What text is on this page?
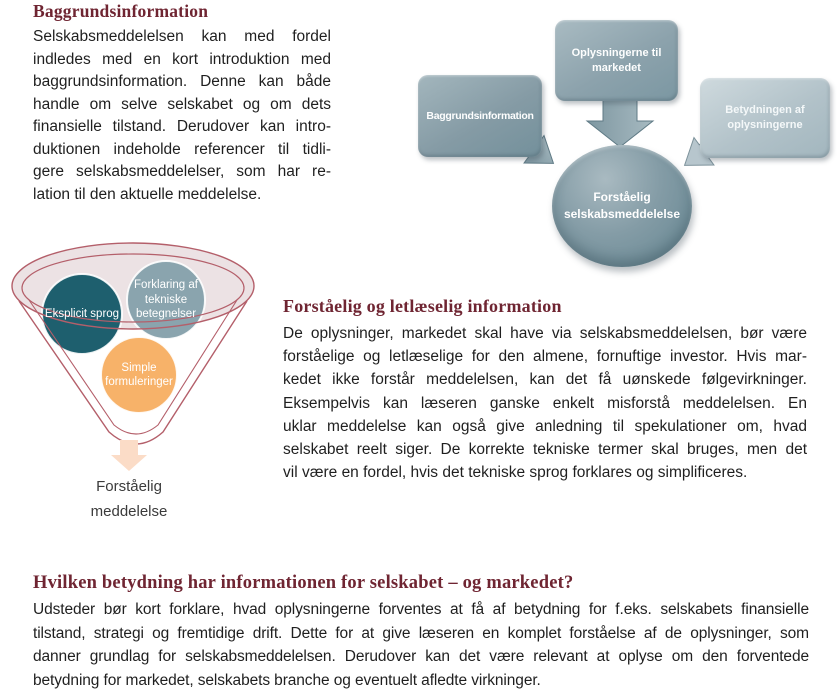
Baggrundsinformation
Selskabsmeddelelsen kan med fordel
indledes med en kort introduktion med
baggrundsinformation. Denne kan både
handle om selve selskabet og om dets
finansielle tilstand. Derudover kan intro-
duktionen indeholde referencer til tidli-
gere selskabsmeddelelser, som har re-
lation til den aktuelle meddelelse.
Baggrundsinformation
Oplysningerne til markedet
Betydningen af oplysningerne
Forståelig selskabsmeddelelse
Eksplicit sprog
Forklaring af tekniske betegnelser
Simple formuleringer
Forståelig
meddelelse
Forståelig og letlæselig information
De oplysninger, markedet skal have via selskabsmeddelelsen, bør være
forståelige og letlæselige for den almene, fornuftige investor. Hvis mar-
kedet ikke forstår meddelelsen, kan det få uønskede følgevirkninger.
Eksempelvis kan læseren ganske enkelt misforstå meddelelsen. En
uklar meddelelse kan også give anledning til spekulationer om, hvad
selskabet reelt siger. De korrekte tekniske termer skal bruges, men det
vil være en fordel, hvis det tekniske sprog forklares og simplificeres.
Hvilken betydning har informationen for selskabet – og markedet?
Udsteder bør kort forklare, hvad oplysningerne forventes at få af betydning for f.eks. selskabets finansielle
tilstand, strategi og fremtidige drift. Dette for at give læseren en komplet forståelse af de oplysninger, som
danner grundlag for selskabsmeddelelsen. Derudover kan det være relevant at oplyse om den forventede
betydning for markedet, selskabets branche og eventuelt afledte virkninger.
